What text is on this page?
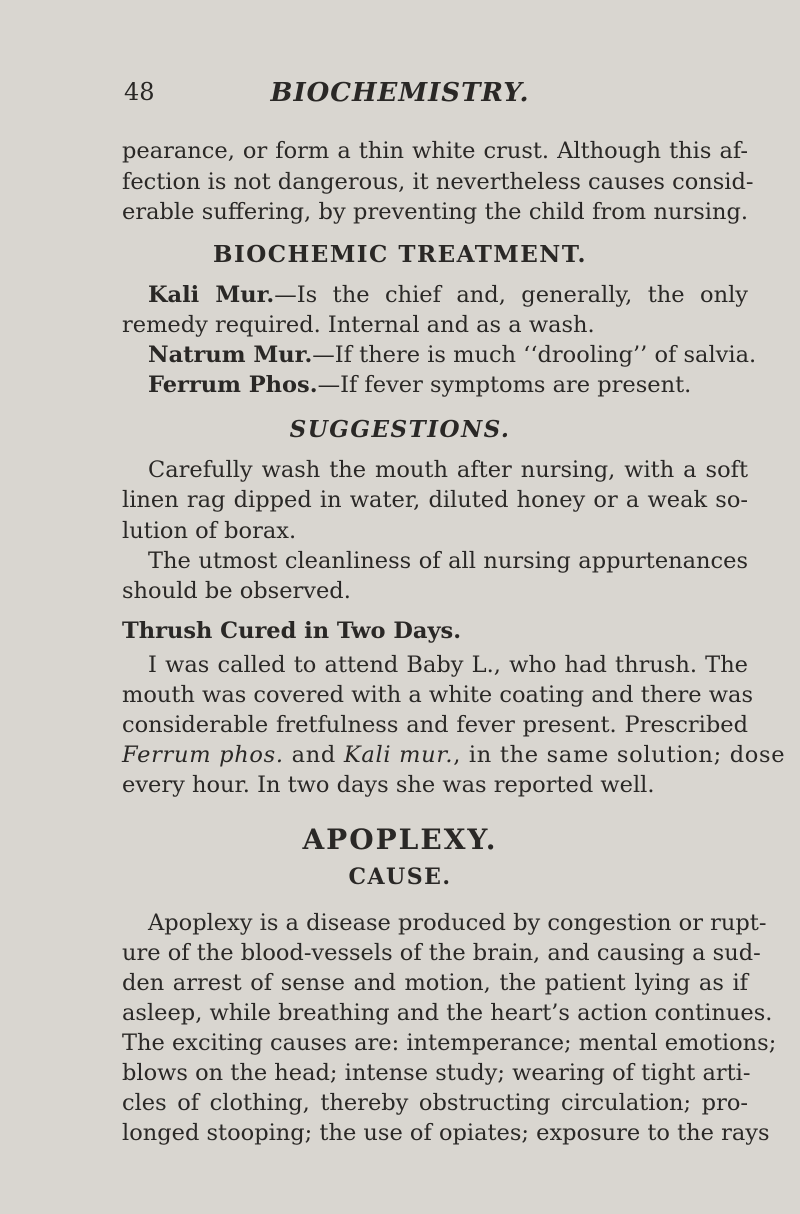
48	BIOCHEMISTRY.
pearance, or form a thin white crust. Although this af-
fection is not dangerous, it nevertheless causes consid-
erable suffering, by preventing the child from nursing.
BIOCHEMIC TREATMENT.
Kali Mur.—Is the chief and, generally, the only
remedy required. Internal and as a wash.
Natrum Mur.—If there is much ‘‘drooling’’ of salvia.
Ferrum Phos.—If fever symptoms are present.
SUGGESTIONS.
Carefully wash the mouth after nursing, with a soft
linen rag dipped in water, diluted honey or a weak so-
lution of borax.
The utmost cleanliness of all nursing appurtenances
should be observed.
Thrush Cured in Two Days.
I was called to attend Baby L., who had thrush. The
mouth was covered with a white coating and there was
considerable fretfulness and fever present. Prescribed
Ferrum phos. and Kali mur., in the same solution; dose
every hour. In two days she was reported well.
APOPLEXY.
CAUSE.
Apoplexy is a disease produced by congestion or rupt-
ure of the blood-vessels of the brain, and causing a sud-
den arrest of sense and motion, the patient lying as if
asleep, while breathing and the heart’s action continues.
The exciting causes are: intemperance; mental emotions;
blows on the head; intense study; wearing of tight arti-
cles of clothing, thereby obstructing circulation; pro-
longed stooping; the use of opiates; exposure to the rays
